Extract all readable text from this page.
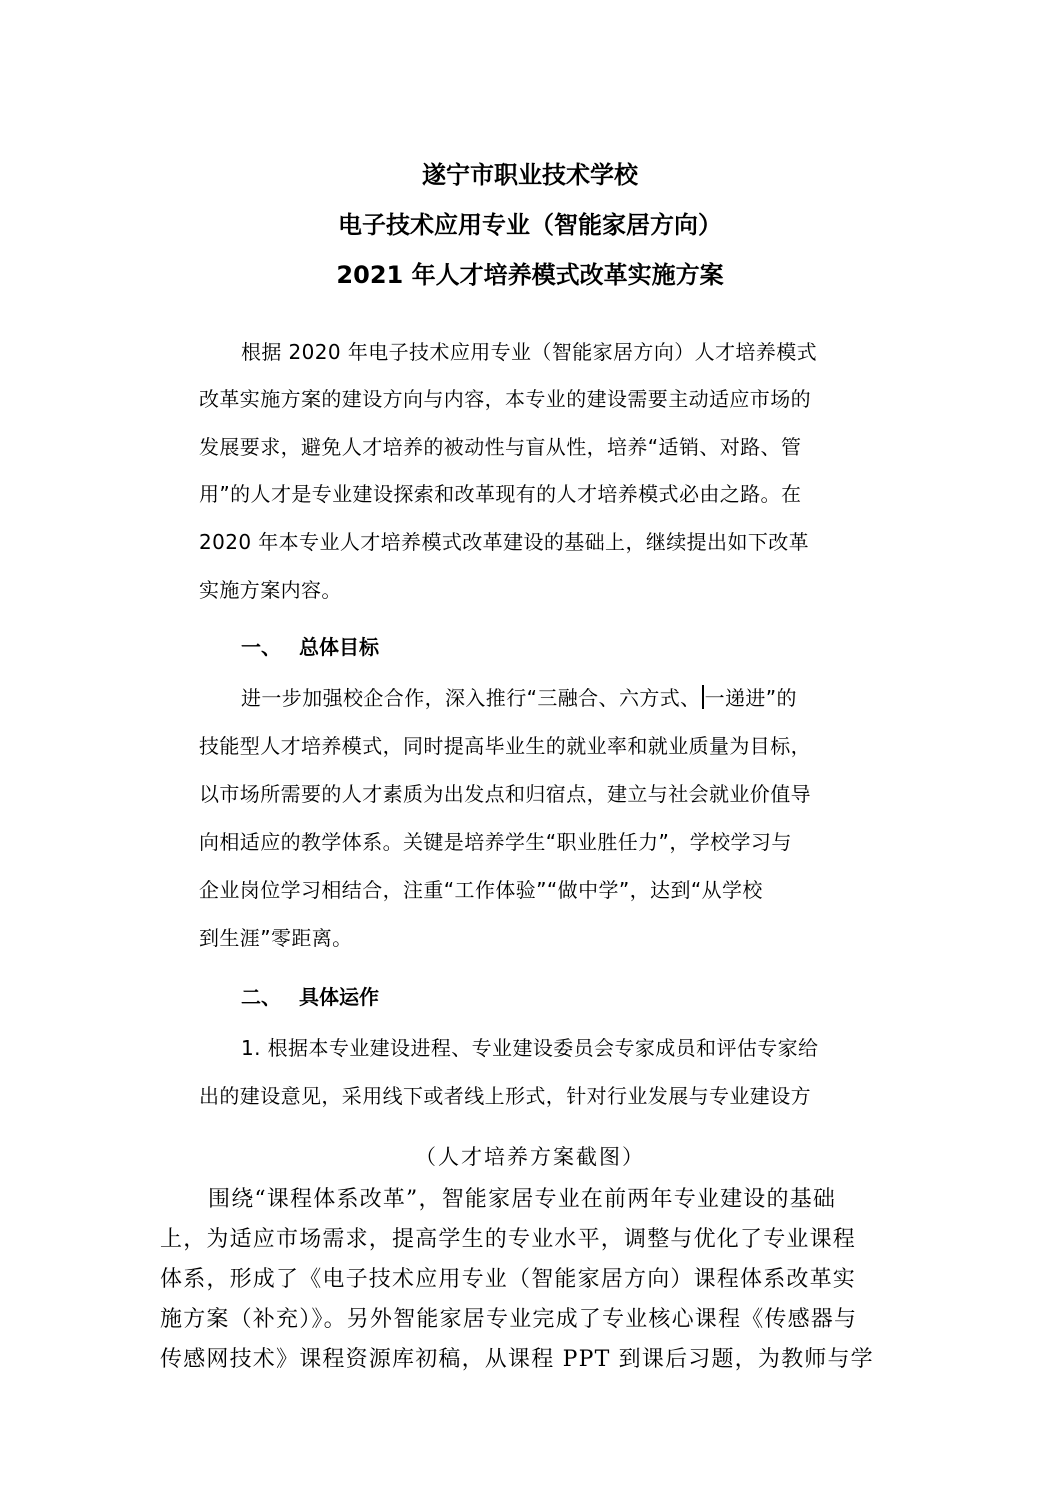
遂宁市职业技术学校
电子技术应用专业（智能家居方向）
2021 年人才培养模式改革实施方案
根据 2020 年电子技术应用专业（智能家居方向）人才培养模式
改革实施方案的建设方向与内容，本专业的建设需要主动适应市场的
发展要求，避免人才培养的被动性与盲从性，培养“适销、对路、管
用”的人才是专业建设探索和改革现有的人才培养模式必由之路。在
2020 年本专业人才培养模式改革建设的基础上，继续提出如下改革
实施方案内容。
一、 总体目标
进一步加强校企合作，深入推行“三融合、六方式、 一递进”的
技能型人才培养模式，同时提高毕业生的就业率和就业质量为目标，
以市场所需要的人才素质为出发点和归宿点，建立与社会就业价值导
向相适应的教学体系。关键是培养学生“职业胜任力”，学校学习与
企业岗位学习相结合，注重“工作体验”“做中学”，达到“从学校
到生涯”零距离。
二、 具体运作
1. 根据本专业建设进程、专业建设委员会专家成员和评估专家给
出的建设意见，采用线下或者线上形式，针对行业发展与专业建设方
（人才培养方案截图）
围绕“课程体系改革”，智能家居专业在前两年专业建设的基础
上，为适应市场需求，提高学生的专业水平，调整与优化了专业课程
体系，形成了《电子技术应用专业（智能家居方向）课程体系改革实
施方案（补充）》。另外智能家居专业完成了专业核心课程《传感器与
传感网技术》课程资源库初稿，从课程 PPT 到课后习题，为教师与学
